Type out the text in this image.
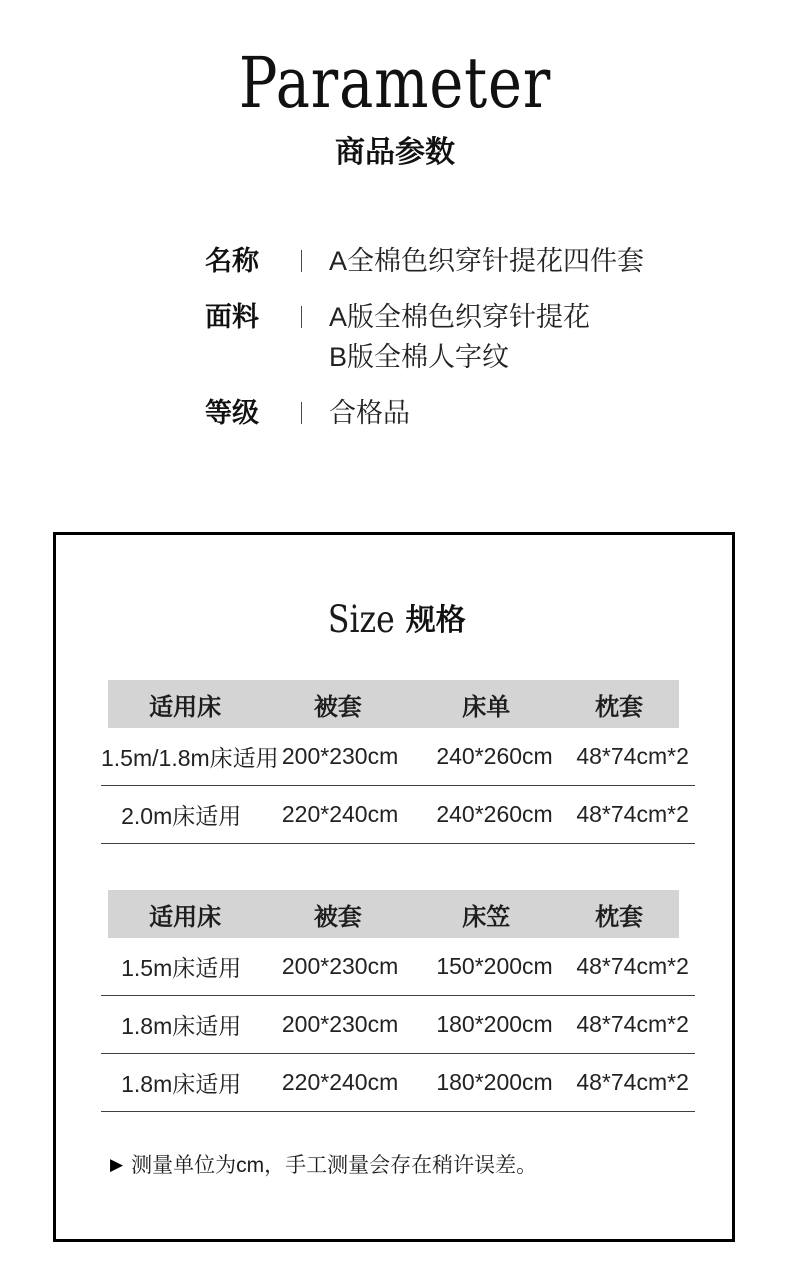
Parameter
商品参数
名称	A全棉色织穿针提花四件套
面料	A版全棉色织穿针提花
B版全棉人字纹
等级	合格品
Size 规格
适用床	被套	床单	枕套
1.5m/1.8m床适用 200*230cm	240*260cm	48*74cm*2
2.0m床适用	220*240cm	240*260cm	48*74cm*2
适用床	被套	床笠	枕套
1.5m床适用	200*230cm	150*200cm	48*74cm*2
1.8m床适用	200*230cm	180*200cm	48*74cm*2
1.8m床适用	220*240cm	180*200cm	48*74cm*2
▶ 测量单位为cm，手工测量会存在稍许误差。
